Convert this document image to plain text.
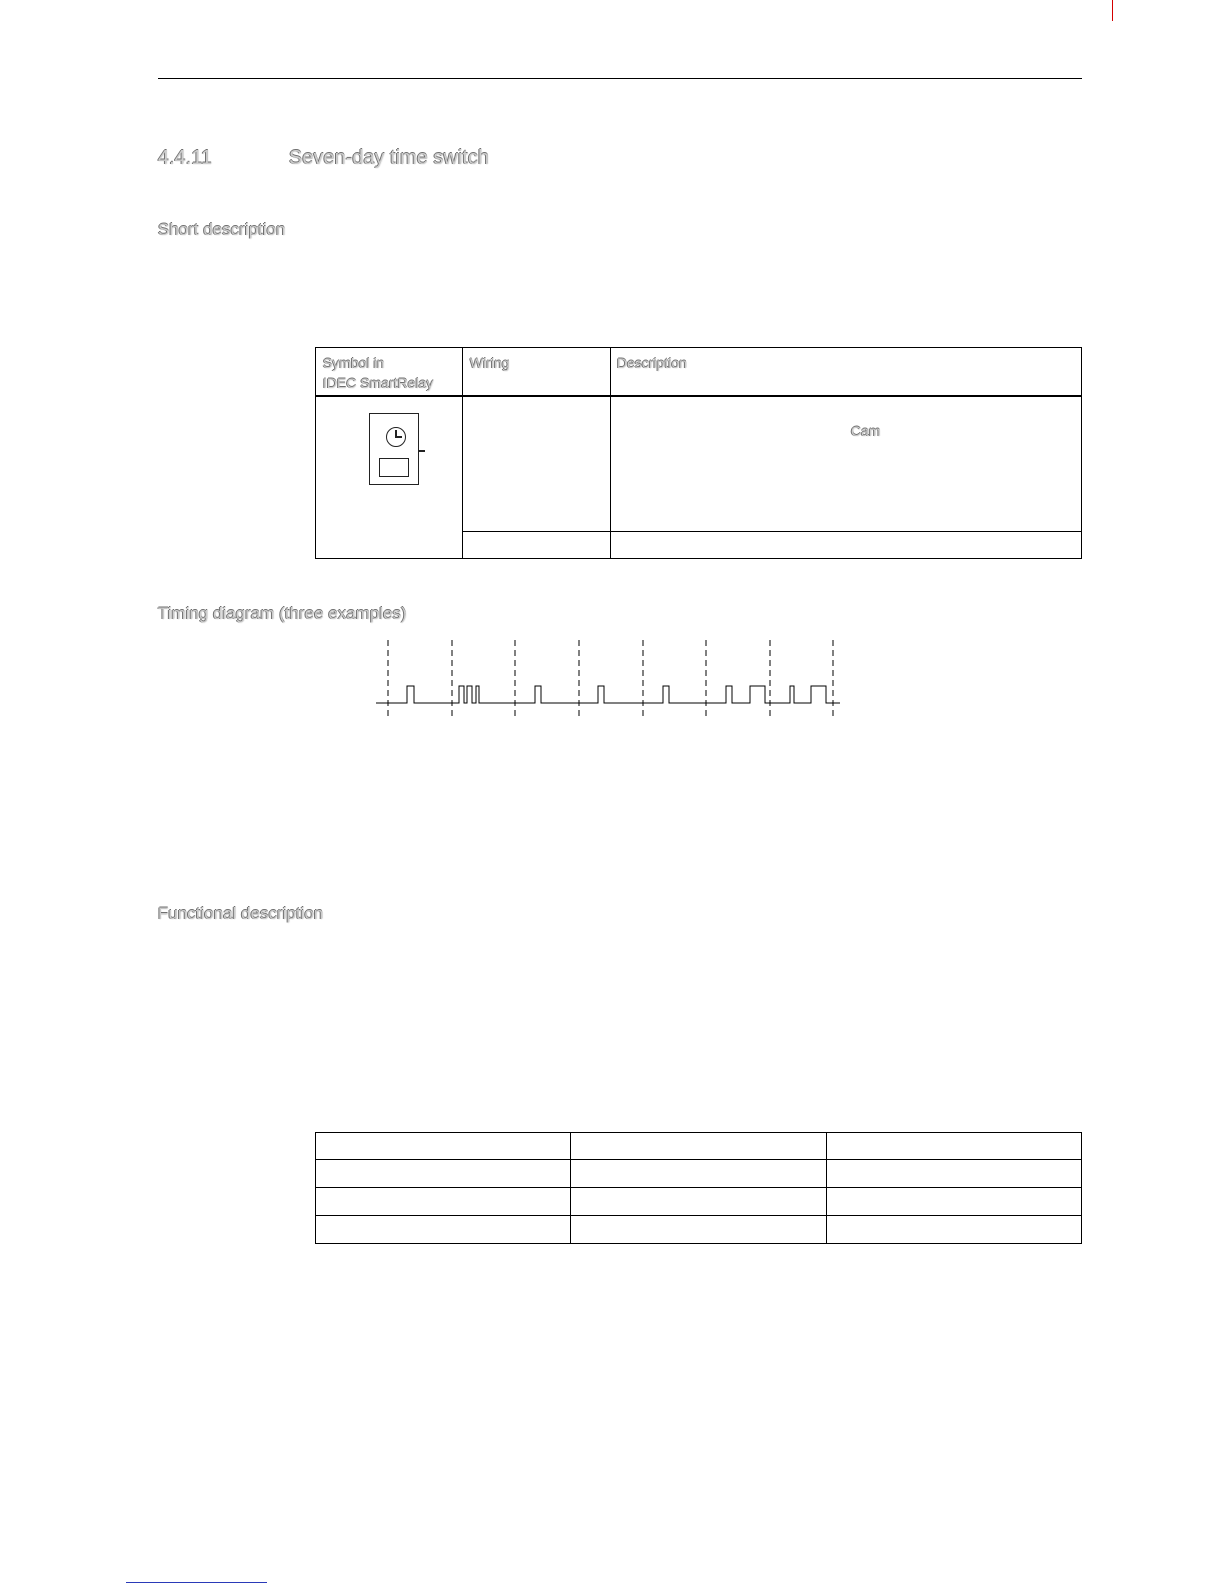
4.4.11	Seven-day time switch
Short description
Symbol in
IDEC SmartRelay
Wiring	Description
Cam
Timing diagram (three examples)
Functional description
